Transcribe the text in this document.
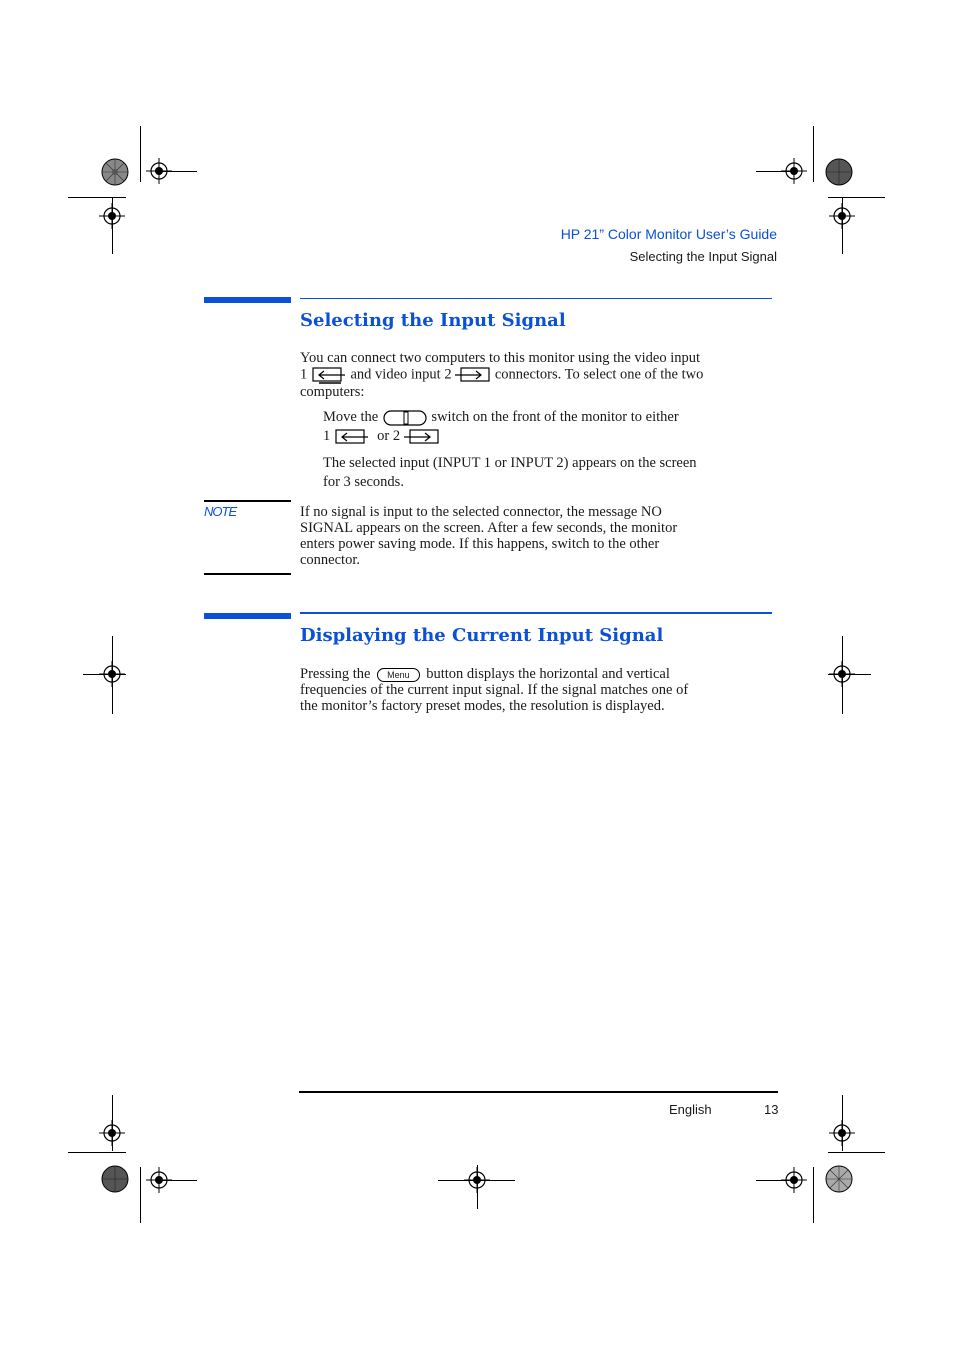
HP 21” Color Monitor User’s Guide
Selecting the Input Signal
Selecting the Input Signal
You can connect two computers to this monitor using the video input
1	and video input 2	connectors. To select one of the two
computers:
Move the	switch on the front of the monitor to either
1	or 2
The selected input (INPUT 1 or INPUT 2) appears on the screen
for 3 seconds.
NOTE	If no signal is input to the selected connector, the message NO
SIGNAL appears on the screen. After a few seconds, the monitor
enters power saving mode. If this happens, switch to the other
connector.
Displaying the Current Input Signal
Pressing the Menu button displays the horizontal and vertical
frequencies of the current input signal. If the signal matches one of
the monitor’s factory preset modes, the resolution is displayed.
English	13
